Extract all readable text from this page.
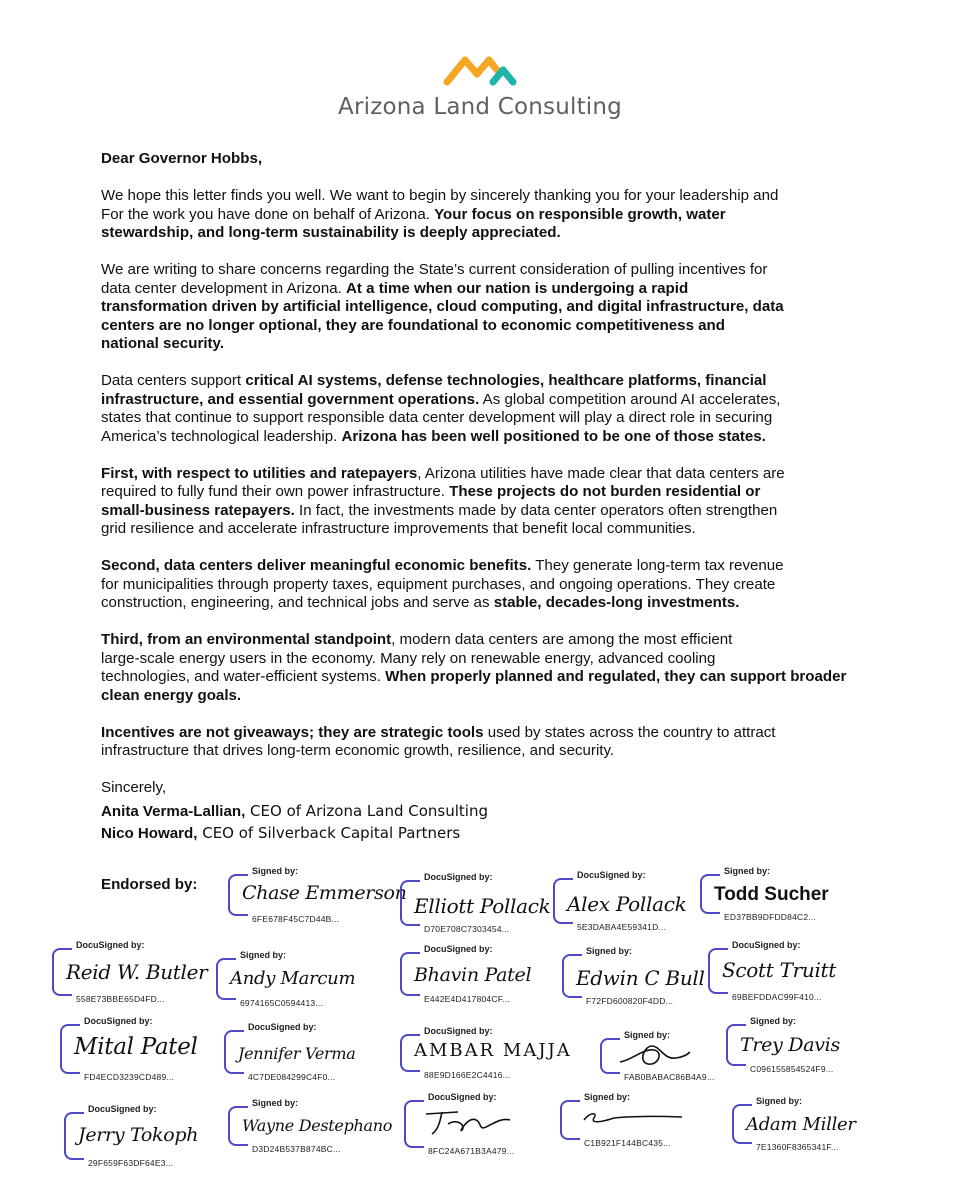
Arizona Land Consulting

Dear Governor Hobbs,

We hope this letter finds you well. We want to begin by sincerely thanking you for your leadership and
For the work you have done on behalf of Arizona. Your focus on responsible growth, water
stewardship, and long-term sustainability is deeply appreciated.

We are writing to share concerns regarding the State’s current consideration of pulling incentives for
data center development in Arizona. At a time when our nation is undergoing a rapid
transformation driven by artificial intelligence, cloud computing, and digital infrastructure, data
centers are no longer optional, they are foundational to economic competitiveness and
national security.

Data centers support critical AI systems, defense technologies, healthcare platforms, financial
infrastructure, and essential government operations. As global competition around AI accelerates,
states that continue to support responsible data center development will play a direct role in securing
America’s technological leadership. Arizona has been well positioned to be one of those states.

First, with respect to utilities and ratepayers, Arizona utilities have made clear that data centers are
required to fully fund their own power infrastructure. These projects do not burden residential or
small-business ratepayers. In fact, the investments made by data center operators often strengthen
grid resilience and accelerate infrastructure improvements that benefit local communities.

Second, data centers deliver meaningful economic benefits. They generate long-term tax revenue
for municipalities through property taxes, equipment purchases, and ongoing operations. They create
construction, engineering, and technical jobs and serve as stable, decades-long investments.

Third, from an environmental standpoint, modern data centers are among the most efficient
large-scale energy users in the economy. Many rely on renewable energy, advanced cooling
technologies, and water-efficient systems. When properly planned and regulated, they can support broader
clean energy goals.

Incentives are not giveaways; they are strategic tools used by states across the country to attract
infrastructure that drives long-term economic growth, resilience, and security.

Sincerely,
Anita Verma-Lallian, CEO of Arizona Land Consulting
Nico Howard, CEO of Silverback Capital Partners
Endorsed by:
Signed by:
Chase Emmerson
6FE678F45C7D44B...
DocuSigned by:
Elliott Pollack
D70E708C7303454...
DocuSigned by:
Alex Pollack
5E3DABA4E59341D...
Signed by:
Todd Sucher
ED37BB9DFDD84C2...
DocuSigned by:
Reid W. Butler
558E73BBE65D4FD...
Signed by:
Andy Marcum
6974165C0594413...
DocuSigned by:
Bhavin Patel
E442E4D417804CF...
Signed by:
Edwin C Bull
F72FD600820F4DD...
DocuSigned by:
Scott Truitt
69BEFDDAC99F410...
DocuSigned by:
Mital Patel
FD4ECD3239CD489...
DocuSigned by:
Jennifer Verma
4C7DE084299C4F0...
DocuSigned by:
AMBAR MAJJA
88E9D166E2C4416...
Signed by:
FAB0BABAC86B4A9...
Signed by:
Trey Davis
C096155854524F9...
DocuSigned by:
Jerry Tokoph
29F659F63DF64E3...
Signed by:
Wayne Destephano
D3D24B537B874BC...
DocuSigned by:
8FC24A671B3A479...
Signed by:
C1B921F144BC435...
Signed by:
Adam Miller
7E1360F8365341F...
